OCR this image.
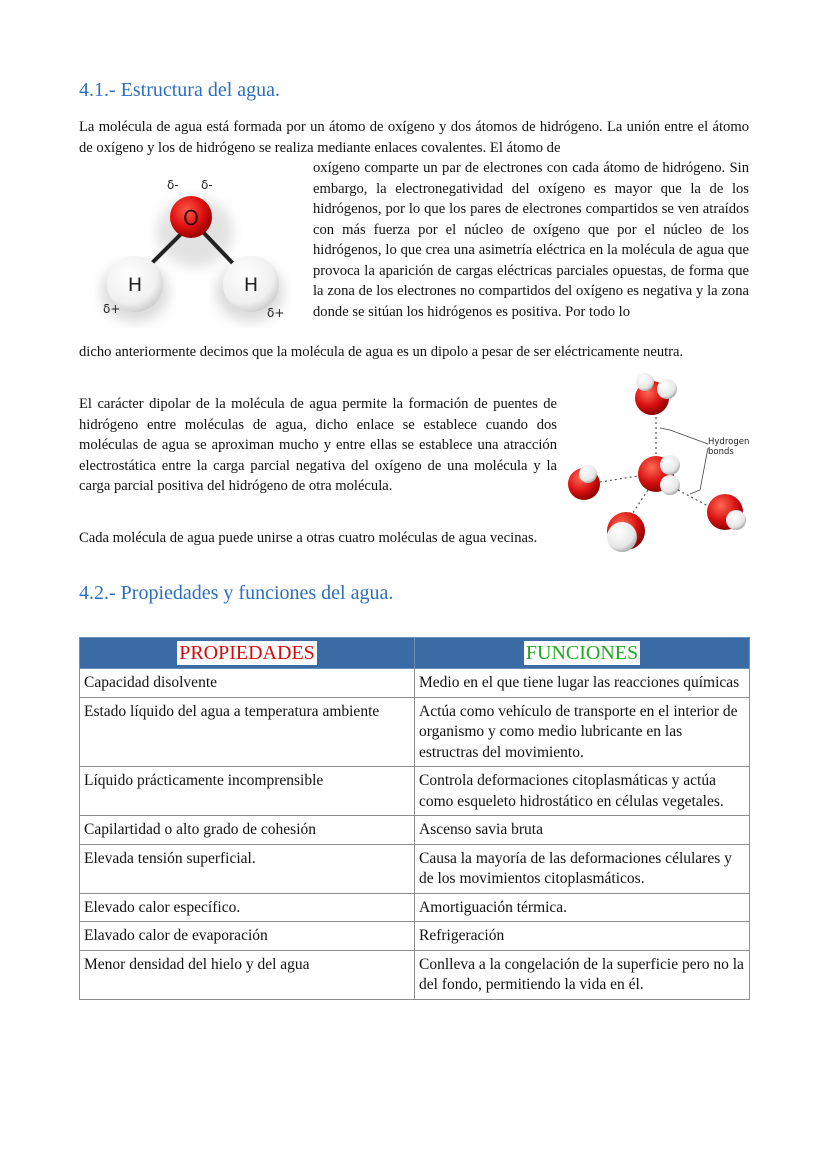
4.1.- Estructura del agua.

La molécula de agua está formada por un átomo de oxígeno y dos átomos de hidrógeno. La unión entre el átomo de oxígeno y los de hidrógeno se realiza mediante enlaces covalentes. El átomo de

oxígeno comparte un par de electrones con cada átomo de hidrógeno. Sin embargo, la electronegatividad del oxígeno es mayor que la de los hidrógenos, por lo que los pares de electrones compartidos se ven atraídos con más fuerza por el núcleo de oxígeno que por el núcleo de los hidrógenos, lo que crea una asimetría eléctrica en la molécula de agua que provoca la aparición de cargas eléctricas parciales opuestas, de forma que la zona de los electrones no compartidos del oxígeno es negativa y la zona donde se sitúan los hidrógenos es positiva. Por todo lo

dicho anteriormente decimos que la molécula de agua es un dipolo a pesar de ser eléctricamente neutra.

O
H	H
δ- δ-
δ+	δ+

El carácter dipolar de la molécula de agua permite la formación de puentes de hidrógeno entre moléculas de agua, dicho enlace se establece cuando dos moléculas de agua se aproximan mucho y entre ellas se establece una atracción electrostática entre la carga parcial negativa del oxígeno de una molécula y la carga parcial positiva del hidrógeno de otra molécula.

Cada molécula de agua puede unirse a otras cuatro moléculas de agua vecinas.

Hydrogen
bonds
4.2.- Propiedades y funciones del agua.
PROPIEDADES	FUNCIONES
Capacidad disolvente	Medio en el que tiene lugar las reacciones químicas
Estado líquido del agua a temperatura ambiente	Actúa como vehículo de transporte en el interior de organismo y como medio lubricante en las estructras del movimiento.
Líquido prácticamente incomprensible	Controla deformaciones citoplasmáticas y actúa como esqueleto hidrostático en células vegetales.
Capilartidad o alto grado de cohesión	Ascenso savia bruta
Elevada tensión superficial.	Causa la mayoría de las deformaciones célulares y de los movimientos citoplasmáticos.
Elevado calor específico.	Amortiguación térmica.
Elavado calor de evaporación	Refrigeración
Menor densidad del hielo y del agua	Conlleva a la congelación de la superficie pero no la del fondo, permitiendo la vida en él.
